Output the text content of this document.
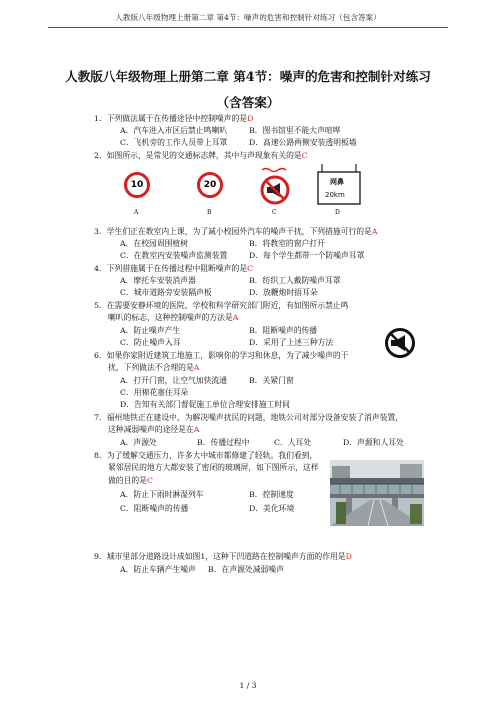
人教版八年级物理上册第二章 第4节：噪声的危害和控制针对练习（包含答案）
人教版八年级物理上册第二章 第4节：噪声的危害和控制针对练习
（含答案）
1．下列做法属于在传播途径中控制噪声的是D
A．汽车进入市区后禁止鸣喇叭	B．图书馆里不能大声喧哗
C．飞机旁的工作人员带上耳罩	D．高速公路两侧安装透明板墙
2．如图所示，是常见的交通标志牌，其中与声现象有关的是C
10	20	网鼻
20km
A	B	C	D
3．学生们正在教室内上课，为了减小校园外汽车的噪声干扰，下列措施可行的是A
A．在校园周围植树	B．将教室的窗户打开
C．在教室内安装噪声监测装置	D．每个学生都带一个防噪声耳罩
4．下列措施属于在传播过程中阻断噪声的是C
A．摩托车安装消声器	B．纺织工人戴防噪声耳罩
C．城市道路旁安装隔声板	D．放鞭炮时捂耳朵
5．在需要安静环境的医院、学校和科学研究部门附近，有如图所示禁止鸣
喇叭的标志，这种控制噪声的方法是A
A．防止噪声产生	B．阻断噪声的传播
C．防止噪声入耳	D．采用了上述三种方法
6．如果你家附近建筑工地施工，影响你的学习和休息，为了减少噪声的干
扰，下列做法不合理的是A
A．打开门窗，让空气加快流通	B．关紧门窗
C．用棉花塞住耳朵
D．告知有关部门督促施工单位合理安排施工时间
7．福州地铁正在建设中，为解决噪声扰民的问题，地铁公司对部分设备安装了消声装置，
这种减弱噪声的途径是在A
A．声源处	B．传播过程中	C．人耳处	D．声源和人耳处
8．为了缓解交通压力，许多大中城市都修建了轻轨。我们看到，
紧邻居民的地方大都安装了密闭的玻璃屏，如下图所示，这样
做的目的是C
A．防止下雨时淋湿列车	B．控制速度
C．阻断噪声的传播	D．美化环境
9．城市里部分道路设计成如图1，这种下凹道路在控制噪声方面的作用是D
A．防止车辆产生噪声 B．在声源处减弱噪声
1 / 3
